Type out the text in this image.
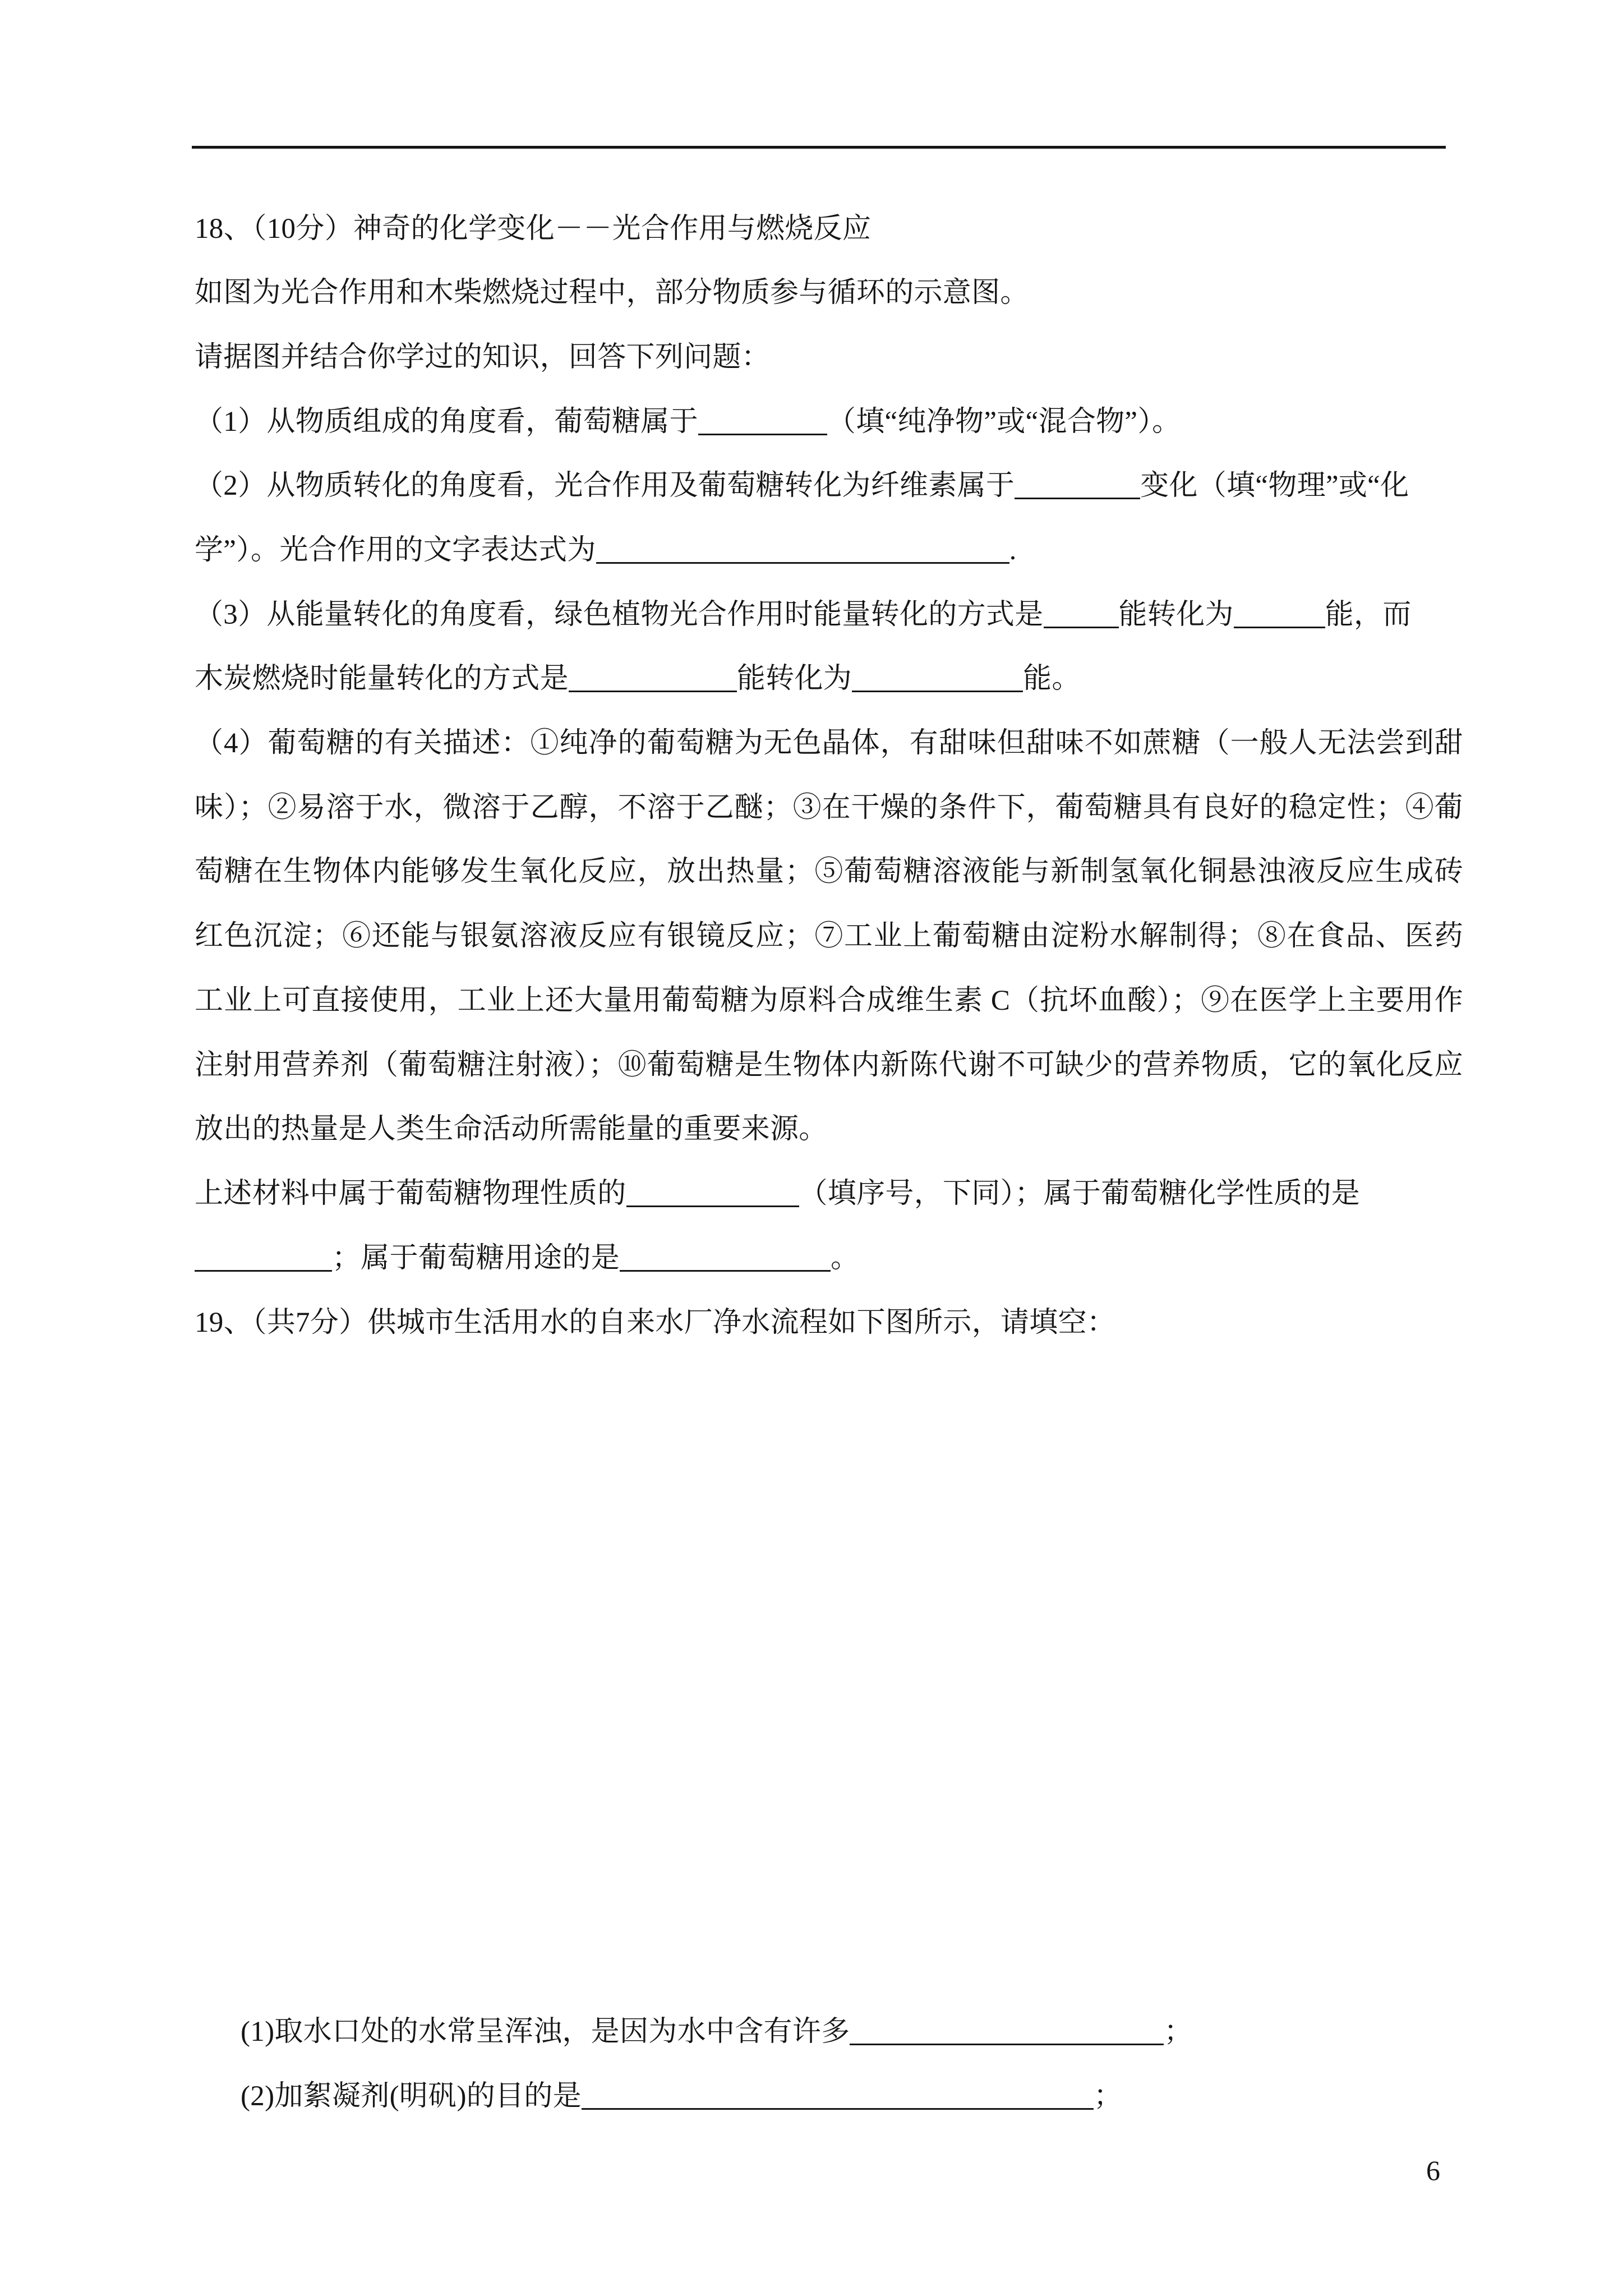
18、（10分）神奇的化学变化－－光合作用与燃烧反应
如图为光合作用和木柴燃烧过程中，部分物质参与循环的示意图。
请据图并结合你学过的知识，回答下列问题：
（1）从物质组成的角度看，葡萄糖属于	（填“纯净物”或“混合物”）。
（2）从物质转化的角度看，光合作用及葡萄糖转化为纤维素属于	变化（填“物理”或“化
学”）。光合作用的文字表达式为	.
（3）从能量转化的角度看，绿色植物光合作用时能量转化的方式是	能转化为	能，而
木炭燃烧时能量转化的方式是	能转化为	能。
（4）葡萄糖的有关描述：①纯净的葡萄糖为无色晶体，有甜味但甜味不如蔗糖（一般人无法尝到甜
味）；②易溶于水，微溶于乙醇，不溶于乙醚；③在干燥的条件下，葡萄糖具有良好的稳定性；④葡
萄糖在生物体内能够发生氧化反应，放出热量；⑤葡萄糖溶液能与新制氢氧化铜悬浊液反应生成砖
红色沉淀；⑥还能与银氨溶液反应有银镜反应；⑦工业上葡萄糖由淀粉水解制得；⑧在食品、医药
工业上可直接使用，工业上还大量用葡萄糖为原料合成维生素 C（抗坏血酸）；⑨在医学上主要用作
注射用营养剂（葡萄糖注射液）；⑩葡萄糖是生物体内新陈代谢不可缺少的营养物质，它的氧化反应
放出的热量是人类生命活动所需能量的重要来源。
上述材料中属于葡萄糖物理性质的	（填序号，下同）；属于葡萄糖化学性质的是
；属于葡萄糖用途的是	。
19、（共7分）供城市生活用水的自来水厂净水流程如下图所示，请填空：
(1)取水口处的水常呈浑浊，是因为水中含有许多	；
(2)加絮凝剂(明矾)的目的是	；
6
